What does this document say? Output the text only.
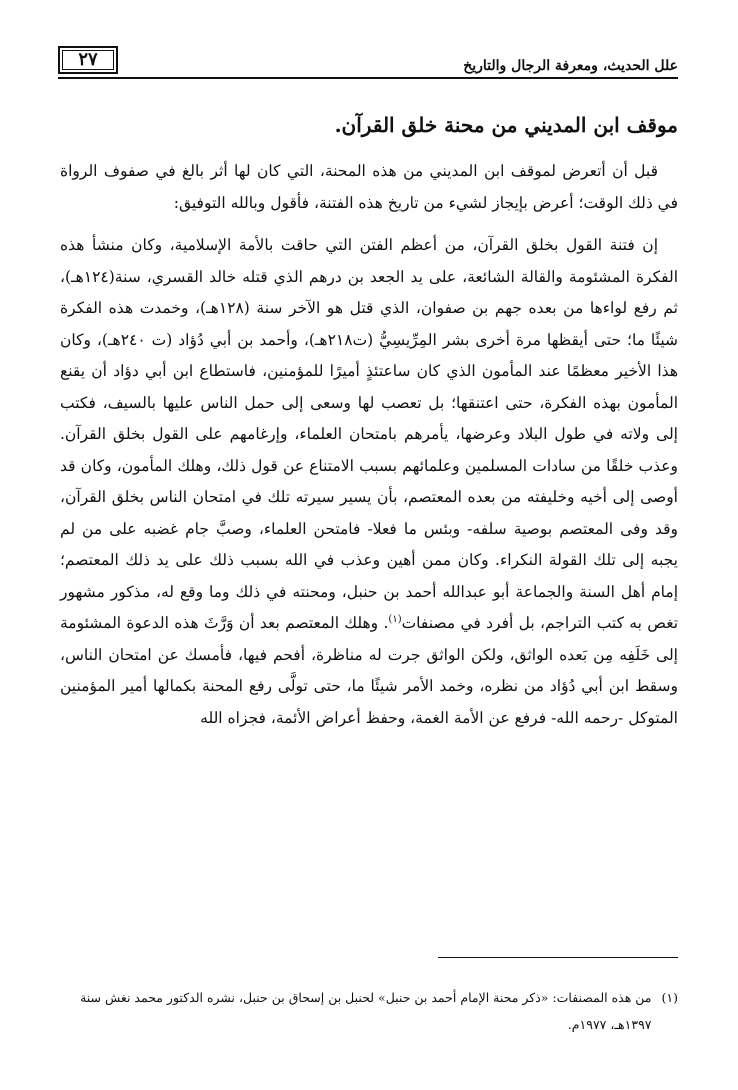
علل الحديث، ومعرفة الرجال والتاريخ
٢٧
موقف ابن المديني من محنة خلق القرآن.

قبل أن أتعرض لموقف ابن المديني من هذه المحنة، التي كان لها أثر بالغ في صفوف الرواة في ذلك الوقت؛ أعرض بإيجاز لشيء من تاريخ هذه الفتنة، فأقول وبالله التوفيق:

إن فتنة القول بخلق القرآن، من أعظم الفتن التي حاقت بالأمة الإسلامية، وكان منشأ هذه الفكرة المشئومة والقالة الشائعة، على يد الجعد بن درهم الذي قتله خالد القسري، سنة(١٢٤هـ)، ثم رفع لواءها من بعده جهم بن صفوان، الذي قتل هو الآخر سنة (١٢٨هـ)، وخمدت هذه الفكرة شيئًا ما؛ حتى أيقظها مرة أخرى بشر المِرِّيسِيُّ (ت٢١٨هـ)، وأحمد بن أبي دُؤاد (ت ٢٤٠هـ)، وكان هذا الأخير معظمًا عند المأمون الذي كان ساعتئذٍ أميرًا للمؤمنين، فاستطاع ابن أبي دؤاد أن يقنع المأمون بهذه الفكرة، حتى اعتنقها؛ بل تعصب لها وسعى إلى حمل الناس عليها بالسيف، فكتب إلى ولاته في طول البلاد وعرضها، يأمرهم بامتحان العلماء، وإرغامهم على القول بخلق القرآن. وعذب خلقًا من سادات المسلمين وعلمائهم بسبب الامتناع عن قول ذلك، وهلك المأمون، وكان قد أوصى إلى أخيه وخليفته من بعده المعتصم، بأن يسير سيرته تلك في امتحان الناس بخلق القرآن، وقد وفى المعتصم بوصية سلفه- وبئس ما فعلا- فامتحن العلماء، وصبَّ جام غضبه على من لم يجبه إلى تلك القولة النكراء. وكان ممن أهين وعذب في الله بسبب ذلك على يد ذلك المعتصم؛ إمام أهل السنة والجماعة أبو عبدالله أحمد بن حنبل، ومحنته في ذلك وما وقع له، مذكور مشهور تغص به كتب التراجم، بل أفرد في مصنفات$^{(١)}$. وهلك المعتصم بعد أن وَرَّثَ هذه الدعوة المشئومة إلى خَلَفِه مِن بَعده الواثق، ولكن الواثق جرت له مناظرة، أفحم فيها، فأمسك عن امتحان الناس، وسقط ابن أبي دُؤاد من نظره، وخمد الأمر شيئًا ما، حتى تولَّى رفع المحنة بكمالها أمير المؤمنين المتوكل -رحمه الله- فرفع عن الأمة الغمة، وحفظ أعراض الأئمة، فجزاه الله

(١)
من هذه المصنفات: «ذكر محنة الإمام أحمد بن حنبل» لحنبل بن إسحاق بن حنبل، نشره الدكتور محمد نغش سنة ١٣٩٧هـ، ١٩٧٧م.
